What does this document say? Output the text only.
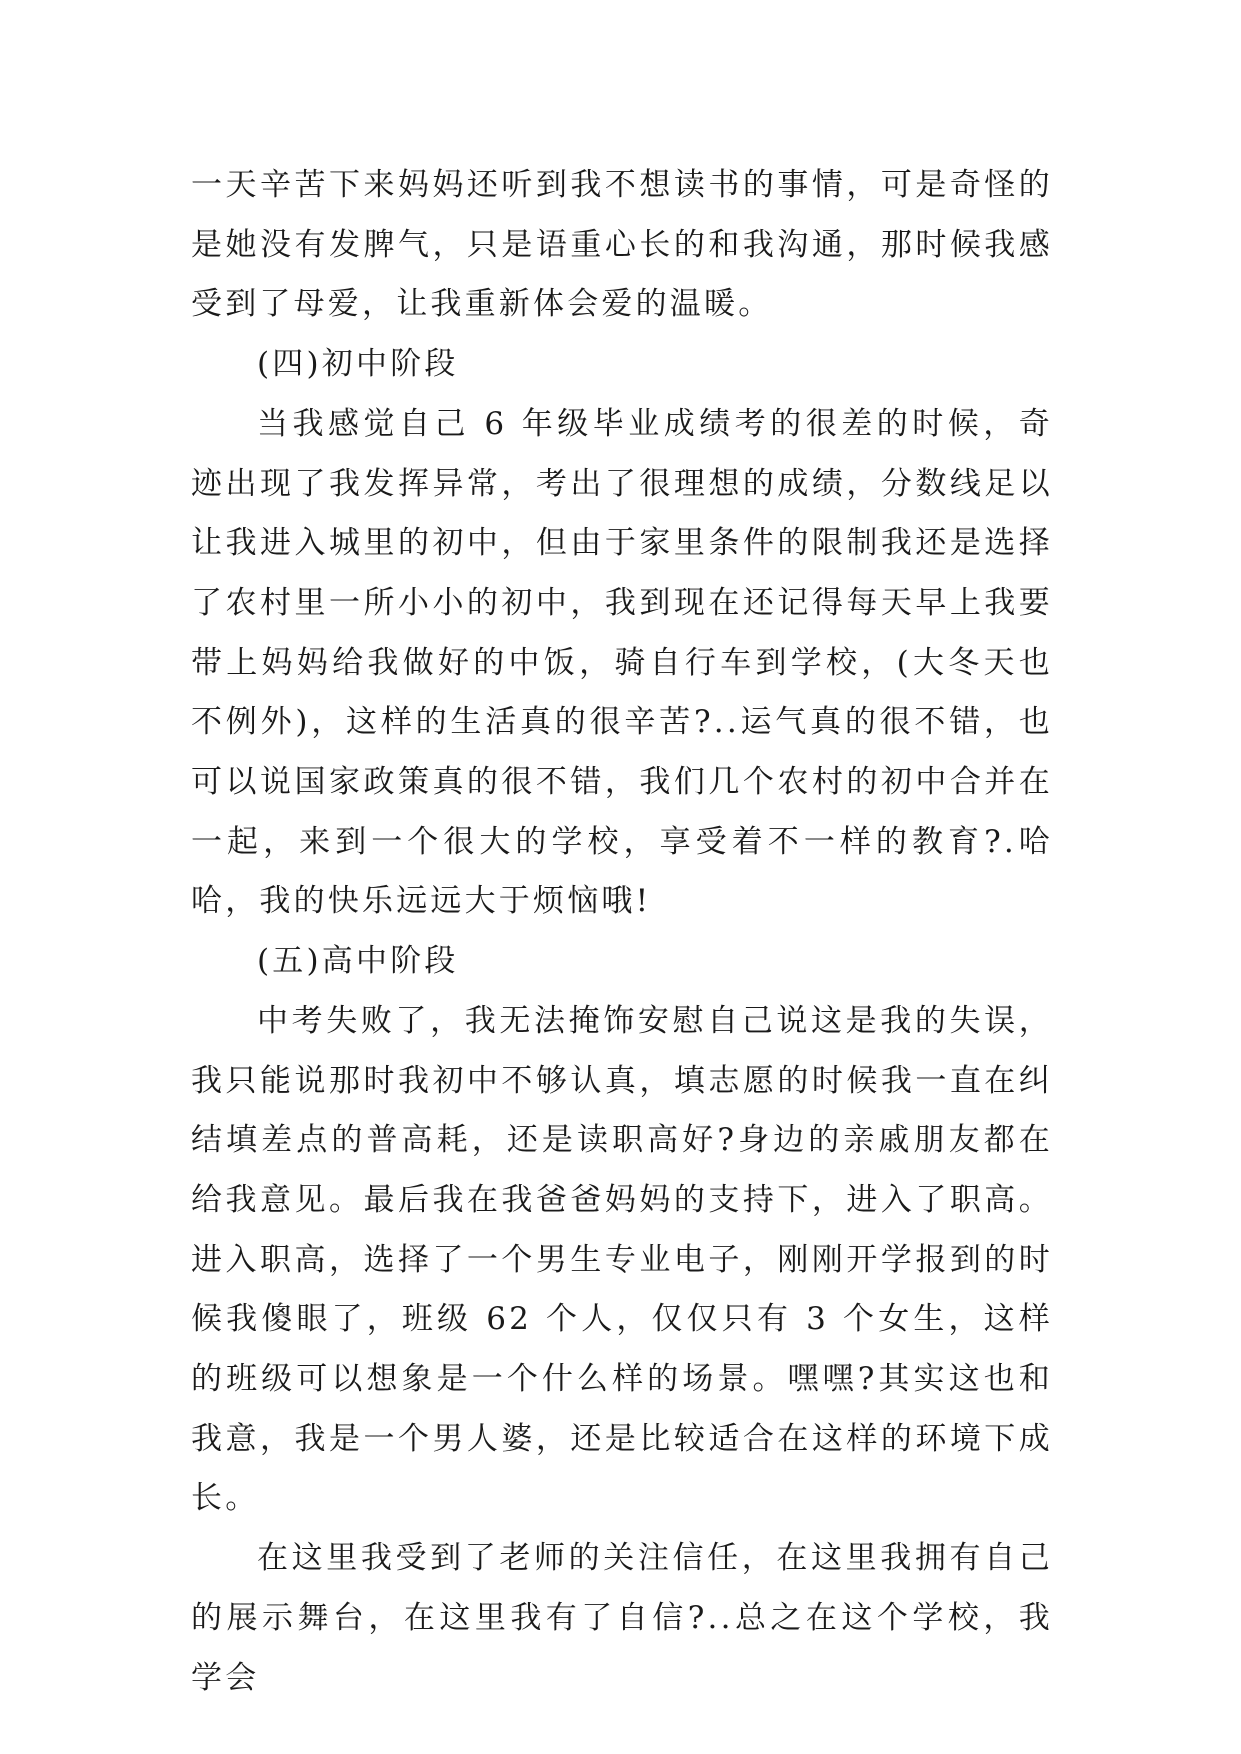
一天辛苦下来妈妈还听到我不想读书的事情，可是奇怪的是她没有发脾气，只是语重心长的和我沟通，那时候我感受到了母爱，让我重新体会爱的温暖。

(四)初中阶段

当我感觉自己 6 年级毕业成绩考的很差的时候，奇迹出现了我发挥异常，考出了很理想的成绩，分数线足以让我进入城里的初中，但由于家里条件的限制我还是选择了农村里一所小小的初中，我到现在还记得每天早上我要带上妈妈给我做好的中饭，骑自行车到学校，(大冬天也不例外)，这样的生活真的很辛苦?..运气真的很不错，也可以说国家政策真的很不错，我们几个农村的初中合并在一起，来到一个很大的学校，享受着不一样的教育?.哈哈，我的快乐远远大于烦恼哦!

(五)高中阶段

中考失败了，我无法掩饰安慰自己说这是我的失误，我只能说那时我初中不够认真，填志愿的时候我一直在纠结填差点的普高耗，还是读职高好?身边的亲戚朋友都在给我意见。最后我在我爸爸妈妈的支持下，进入了职高。 进入职高，选择了一个男生专业电子，刚刚开学报到的时候我傻眼了，班级 62 个人，仅仅只有 3 个女生，这样的班级可以想象是一个什么样的场景。嘿嘿?其实这也和我意，我是一个男人婆，还是比较适合在这样的环境下成长。

在这里我受到了老师的关注信任，在这里我拥有自己的展示舞台，在这里我有了自信?..总之在这个学校，我学会
